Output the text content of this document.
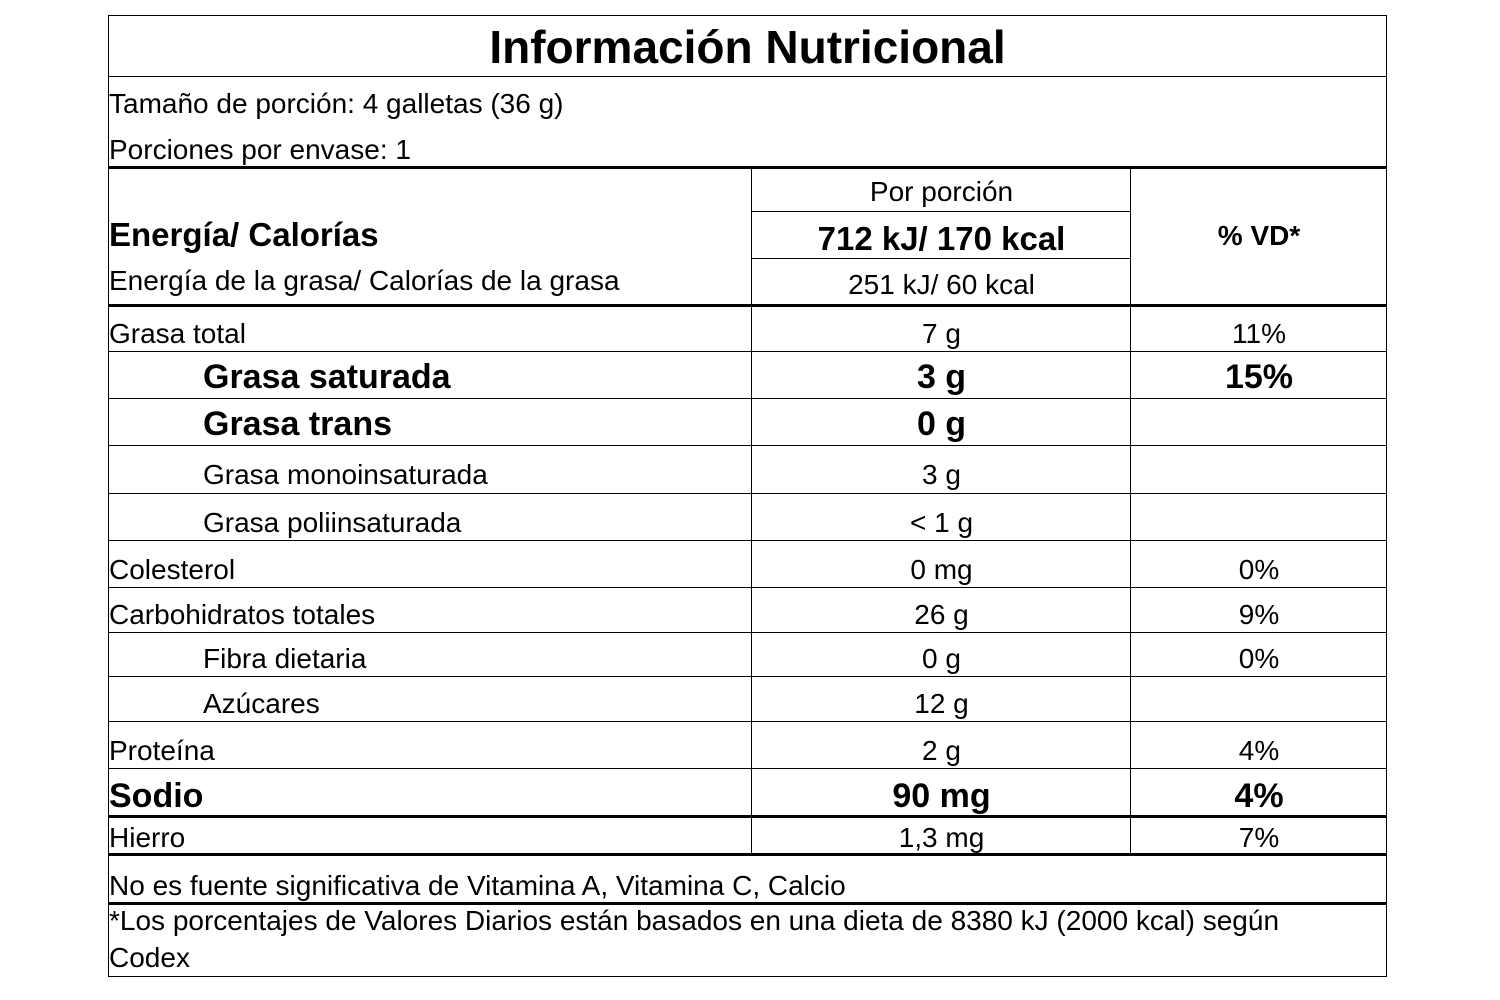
Información Nutricional
Tamaño de porción: 4 galletas (36 g)
Porciones por envase: 1
Por porción
% VD*
Energía/ Calorías	712 kJ/ 170 kcal
Energía de la grasa/ Calorías de la grasa	251 kJ/ 60 kcal
Grasa total	7 g	11%
Grasa saturada	3 g	15%
Grasa trans	0 g
Grasa monoinsaturada	3 g
Grasa poliinsaturada	< 1 g
Colesterol	0 mg	0%
Carbohidratos totales	26 g	9%
Fibra dietaria	0 g	0%
Azúcares	12 g
Proteína	2 g	4%
Sodio	90 mg	4%
Hierro	1,3 mg	7%
No es fuente significativa de Vitamina A, Vitamina C, Calcio
*Los porcentajes de Valores Diarios están basados en una dieta de 8380 kJ (2000 kcal) según
Codex
